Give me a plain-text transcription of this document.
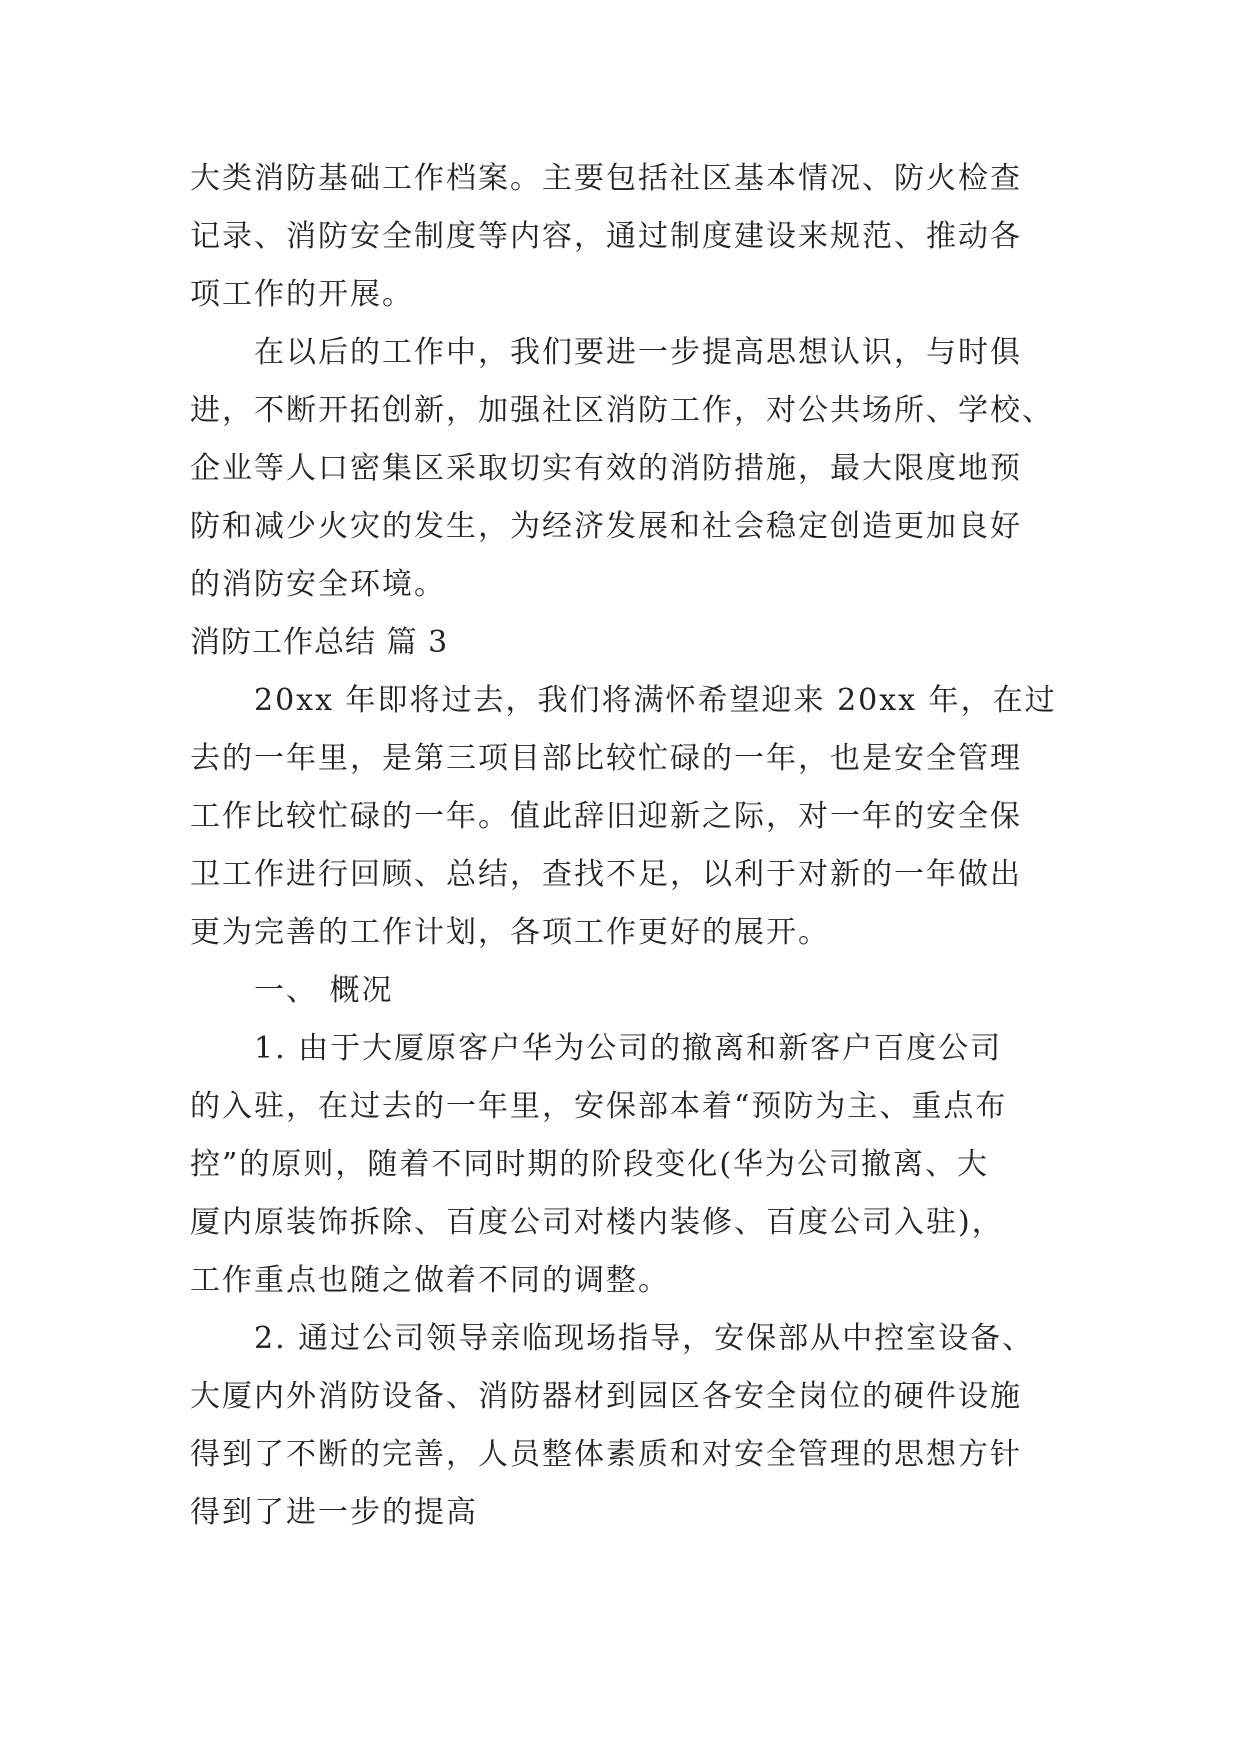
大类消防基础工作档案。主要包括社区基本情况、防火检查
记录、消防安全制度等内容，通过制度建设来规范、推动各
项工作的开展。
在以后的工作中，我们要进一步提高思想认识，与时俱
进，不断开拓创新，加强社区消防工作，对公共场所、学校、
企业等人口密集区采取切实有效的消防措施，最大限度地预
防和减少火灾的发生，为经济发展和社会稳定创造更加良好
的消防安全环境。
消防工作总结 篇 3
20xx 年即将过去，我们将满怀希望迎来 20xx 年，在过
去的一年里，是第三项目部比较忙碌的一年，也是安全管理
工作比较忙碌的一年。值此辞旧迎新之际，对一年的安全保
卫工作进行回顾、总结，查找不足，以利于对新的一年做出
更为完善的工作计划，各项工作更好的展开。
一、 概况
1. 由于大厦原客户华为公司的撤离和新客户百度公司
的入驻，在过去的一年里，安保部本着“预防为主、重点布
控”的原则，随着不同时期的阶段变化(华为公司撤离、大
厦内原装饰拆除、百度公司对楼内装修、百度公司入驻)，
工作重点也随之做着不同的调整。
2. 通过公司领导亲临现场指导，安保部从中控室设备、
大厦内外消防设备、消防器材到园区各安全岗位的硬件设施
得到了不断的完善，人员整体素质和对安全管理的思想方针
得到了进一步的提高
